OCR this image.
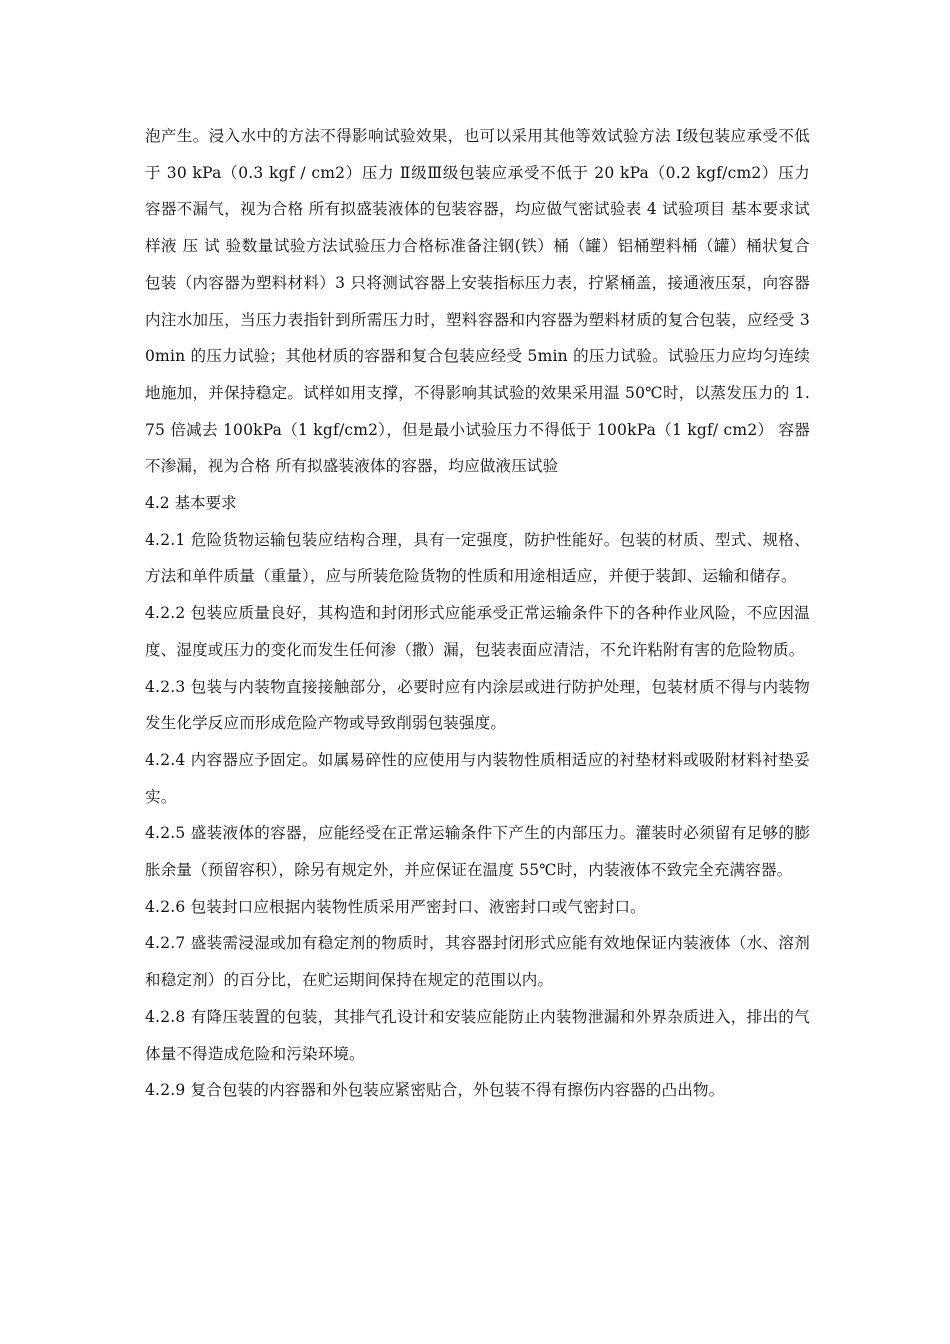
泡产生。浸入水中的方法不得影响试验效果，也可以采用其他等效试验方法 Ⅰ级包装应承受不低于 30 kPa（0.3 kgf / cm2）压力 Ⅱ级Ⅲ级包装应承受不低于 20 kPa（0.2 kgf/cm2）压力 容器不漏气，视为合格 所有拟盛装液体的包装容器，均应做气密试验表 4 试验项目 基本要求试样液 压 试 验数量试验方法试验压力合格标准备注钢(铁）桶（罐）铝桶塑料桶（罐）桶状复合包装（内容器为塑料材料）3 只将测试容器上安装指标压力表，拧紧桶盖，接通液压泵，向容器内注水加压，当压力表指针到所需压力时，塑料容器和内容器为塑料材质的复合包装，应经受 30min 的压力试验；其他材质的容器和复合包装应经受 5min 的压力试验。试验压力应均匀连续地施加，并保持稳定。试样如用支撑，不得影响其试验的效果采用温 50℃时，以蒸发压力的 1.75 倍减去 100kPa（1 kgf/cm2），但是最小试验压力不得低于 100kPa（1 kgf/ cm2） 容器不渗漏，视为合格 所有拟盛装液体的容器，均应做液压试验

4.2 基本要求

4.2.1 危险货物运输包装应结构合理，具有一定强度，防护性能好。包装的材质、型式、规格、方法和单件质量（重量），应与所装危险货物的性质和用途相适应，并便于装卸、运输和储存。

4.2.2 包装应质量良好，其构造和封闭形式应能承受正常运输条件下的各种作业风险，不应因温度、湿度或压力的变化而发生任何渗（撒）漏，包装表面应清洁，不允许粘附有害的危险物质。

4.2.3 包装与内装物直接接触部分，必要时应有内涂层或进行防护处理，包装材质不得与内装物发生化学反应而形成危险产物或导致削弱包装强度。

4.2.4 内容器应予固定。如属易碎性的应使用与内装物性质相适应的衬垫材料或吸附材料衬垫妥实。

4.2.5 盛装液体的容器，应能经受在正常运输条件下产生的内部压力。灌装时必须留有足够的膨胀余量（预留容积），除另有规定外，并应保证在温度 55℃时，内装液体不致完全充满容器。

4.2.6 包装封口应根据内装物性质采用严密封口、液密封口或气密封口。

4.2.7 盛装需浸湿或加有稳定剂的物质时，其容器封闭形式应能有效地保证内装液体（水、溶剂和稳定剂）的百分比，在贮运期间保持在规定的范围以内。

4.2.8 有降压装置的包装，其排气孔设计和安装应能防止内装物泄漏和外界杂质进入，排出的气体量不得造成危险和污染环境。

4.2.9 复合包装的内容器和外包装应紧密贴合，外包装不得有擦伤内容器的凸出物。
